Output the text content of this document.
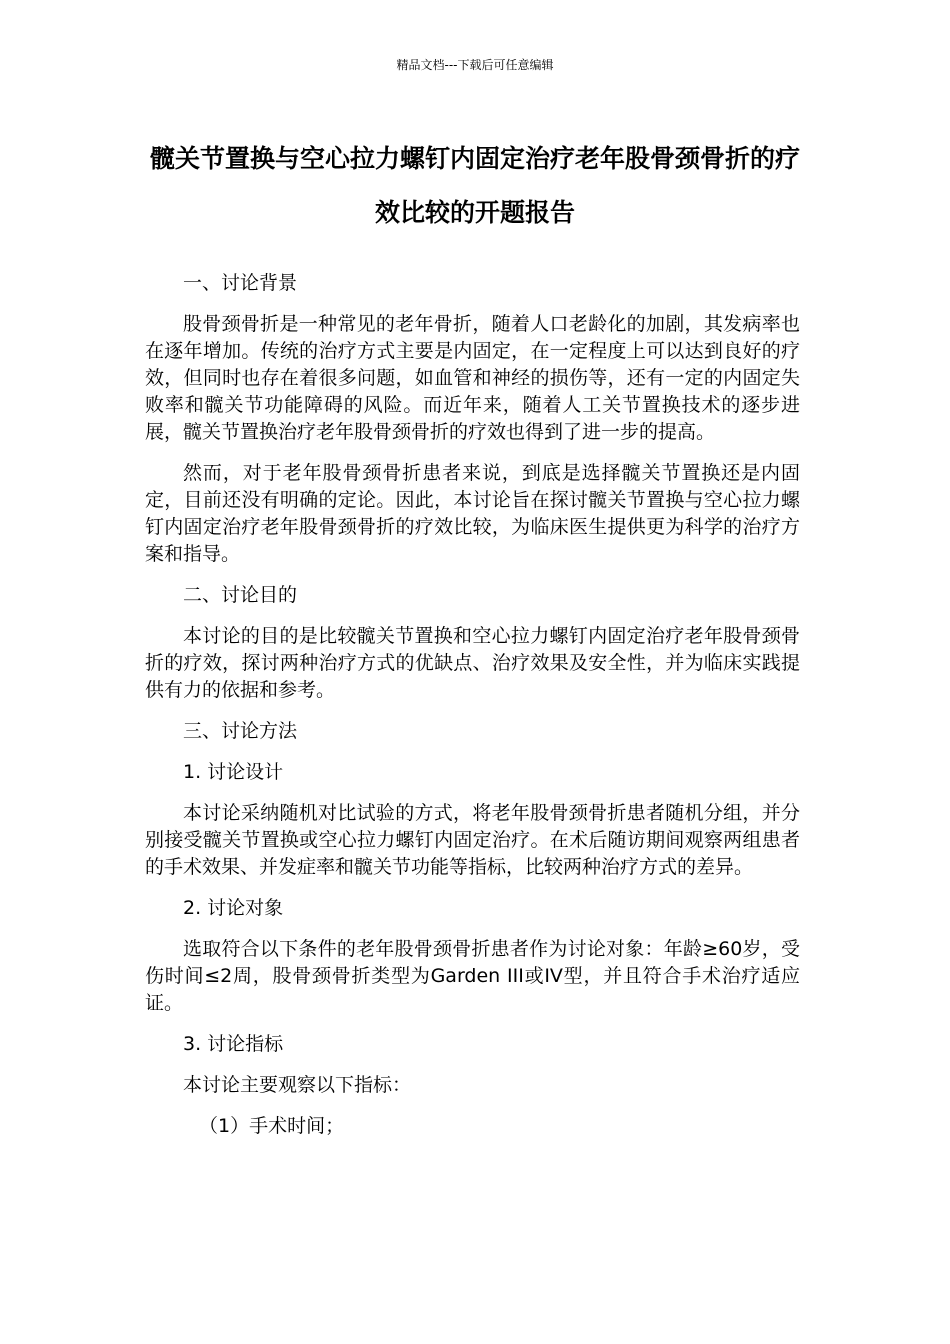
精品文档---下载后可任意编辑
髋关节置换与空心拉力螺钉内固定治疗老年股骨颈骨折的疗效比较的开题报告

一、讨论背景

股骨颈骨折是一种常见的老年骨折，随着人口老龄化的加剧，其发病率也在逐年增加。传统的治疗方式主要是内固定，在一定程度上可以达到良好的疗效，但同时也存在着很多问题，如血管和神经的损伤等，还有一定的内固定失败率和髋关节功能障碍的风险。而近年来，随着人工关节置换技术的逐步进展，髋关节置换治疗老年股骨颈骨折的疗效也得到了进一步的提高。

然而，对于老年股骨颈骨折患者来说，到底是选择髋关节置换还是内固定，目前还没有明确的定论。因此，本讨论旨在探讨髋关节置换与空心拉力螺钉内固定治疗老年股骨颈骨折的疗效比较，为临床医生提供更为科学的治疗方案和指导。

二、讨论目的

本讨论的目的是比较髋关节置换和空心拉力螺钉内固定治疗老年股骨颈骨折的疗效，探讨两种治疗方式的优缺点、治疗效果及安全性，并为临床实践提供有力的依据和参考。

三、讨论方法

1. 讨论设计

本讨论采纳随机对比试验的方式，将老年股骨颈骨折患者随机分组，并分别接受髋关节置换或空心拉力螺钉内固定治疗。在术后随访期间观察两组患者的手术效果、并发症率和髋关节功能等指标，比较两种治疗方式的差异。

2. 讨论对象

选取符合以下条件的老年股骨颈骨折患者作为讨论对象：年龄≥60岁，受伤时间≤2周，股骨颈骨折类型为Garden III或IV型，并且符合手术治疗适应证。

3. 讨论指标

本讨论主要观察以下指标：

（1）手术时间；
